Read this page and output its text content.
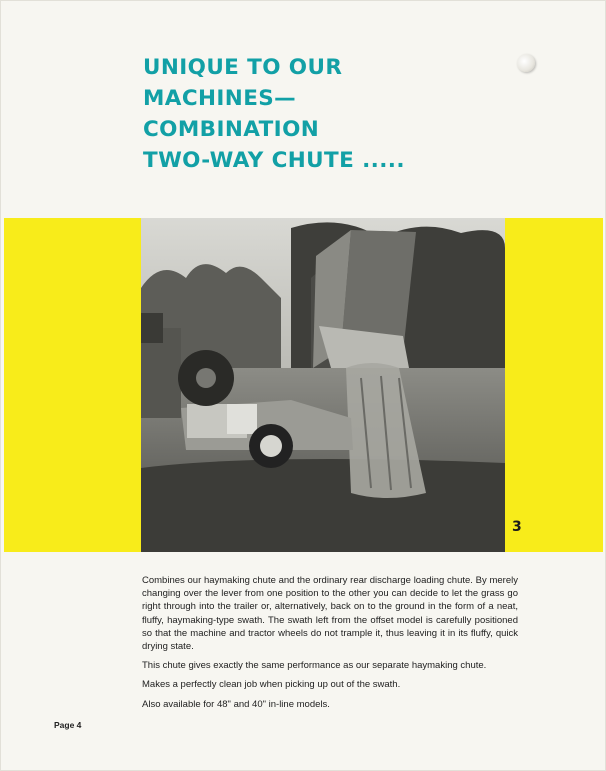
UNIQUE TO OUR
MACHINES—
COMBINATION
TWO-WAY CHUTE .....
3

Combines our haymaking chute and the ordinary rear discharge loading chute. By merely changing over the lever from one position to the other you can decide to let the grass go right through into the trailer or, alternatively, back on to the ground in the form of a neat, fluffy, haymaking-type swath. The swath left from the offset model is carefully positioned so that the machine and tractor wheels do not trample it, thus leaving it in its fluffy, quick drying state.

This chute gives exactly the same performance as our separate haymaking chute.

Makes a perfectly clean job when picking up out of the swath.

Also available for 48" and 40" in-line models.

Page 4
